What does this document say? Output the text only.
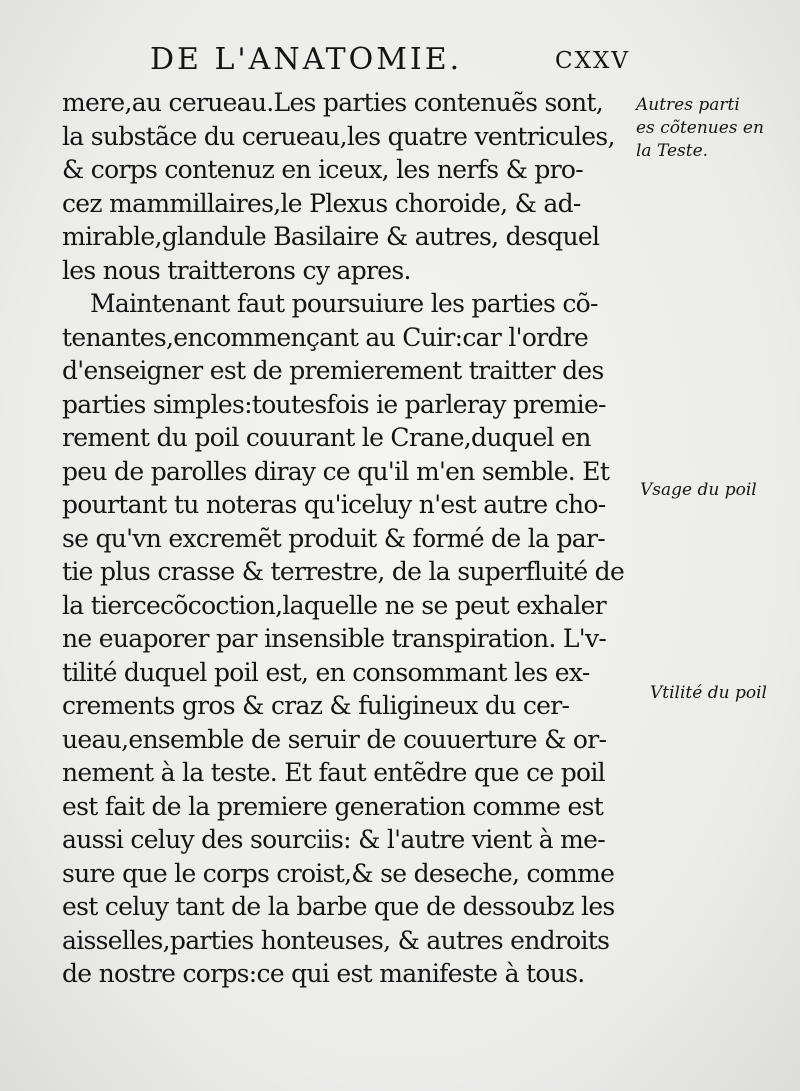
DE L'ANATOMIE.	CXXV
mere,au cerueau.Les parties contenuẽs sont,
la substãce du cerueau,les quatre ventricules,
& corps contenuz en iceux, les nerfs & pro-
cez mammillaires,le Plexus choroide, & ad-
mirable,glandule Basilaire & autres, desquel
les nous traitterons cy apres.
Maintenant faut poursuiure les parties cõ-
tenantes,encommençant au Cuir:car l'ordre
d'enseigner est de premierement traitter des
parties simples:toutesfois ie parleray premie-
rement du poil couurant le Crane,duquel en
peu de parolles diray ce qu'il m'en semble. Et
pourtant tu noteras qu'iceluy n'est autre cho-
se qu'vn excremẽt produit & formé de la par-
tie plus crasse & terrestre, de la superfluité de
la tiercecõcoction,laquelle ne se peut exhaler
ne euaporer par insensible transpiration. L'v-
tilité duquel poil est, en consommant les ex-
crements gros & craz & fuligineux du cer-
ueau,ensemble de seruir de couuerture & or-
nement à la teste. Et faut entẽdre que ce poil
est fait de la premiere generation comme est
aussi celuy des sourciis: & l'autre vient à me-
sure que le corps croist,& se deseche, comme
est celuy tant de la barbe que de dessoubz les
aisselles,parties honteuses, & autres endroits
de nostre corps:ce qui est manifeste à tous.
Autres parti
es cõtenues en
la Teste.
Vsage du poil
Vtilité du poil
